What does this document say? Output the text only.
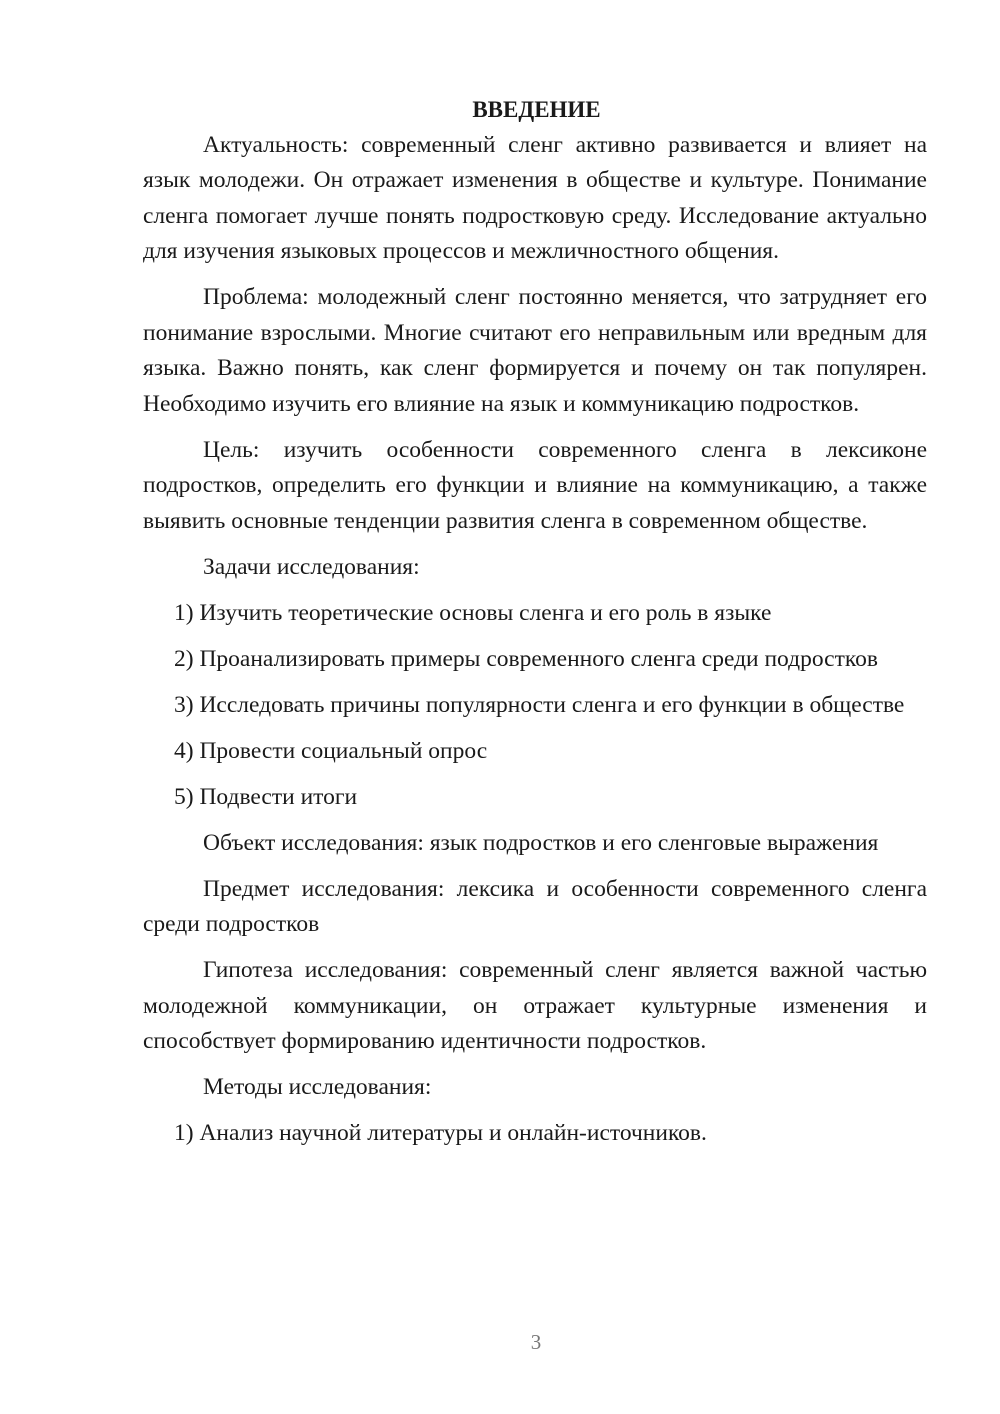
ВВЕДЕНИЕ

Актуальность: современный сленг активно развивается и влияет на язык молодежи. Он отражает изменения в обществе и культуре. Понимание сленга помогает лучше понять подростковую среду. Исследование актуально для изучения языковых процессов и межличностного общения.

Проблема: молодежный сленг постоянно меняется, что затрудняет его понимание взрослыми. Многие считают его неправильным или вредным для языка. Важно понять, как сленг формируется и почему он так популярен. Необходимо изучить его влияние на язык и коммуникацию подростков.

Цель: изучить особенности современного сленга в лексиконе подростков, определить его функции и влияние на коммуникацию, а также выявить основные тенденции развития сленга в современном обществе.

Задачи исследования:

1) Изучить теоретические основы сленга и его роль в языке

2) Проанализировать примеры современного сленга среди подростков

3) Исследовать причины популярности сленга и его функции в обществе

4) Провести социальный опрос

5) Подвести итоги

Объект исследования: язык подростков и его сленговые выражения

Предмет исследования: лексика и особенности современного сленга среди подростков

Гипотеза исследования: современный сленг является важной частью молодежной коммуникации, он отражает культурные изменения и способствует формированию идентичности подростков.

Методы исследования:

1) Анализ научной литературы и онлайн-источников.

3
